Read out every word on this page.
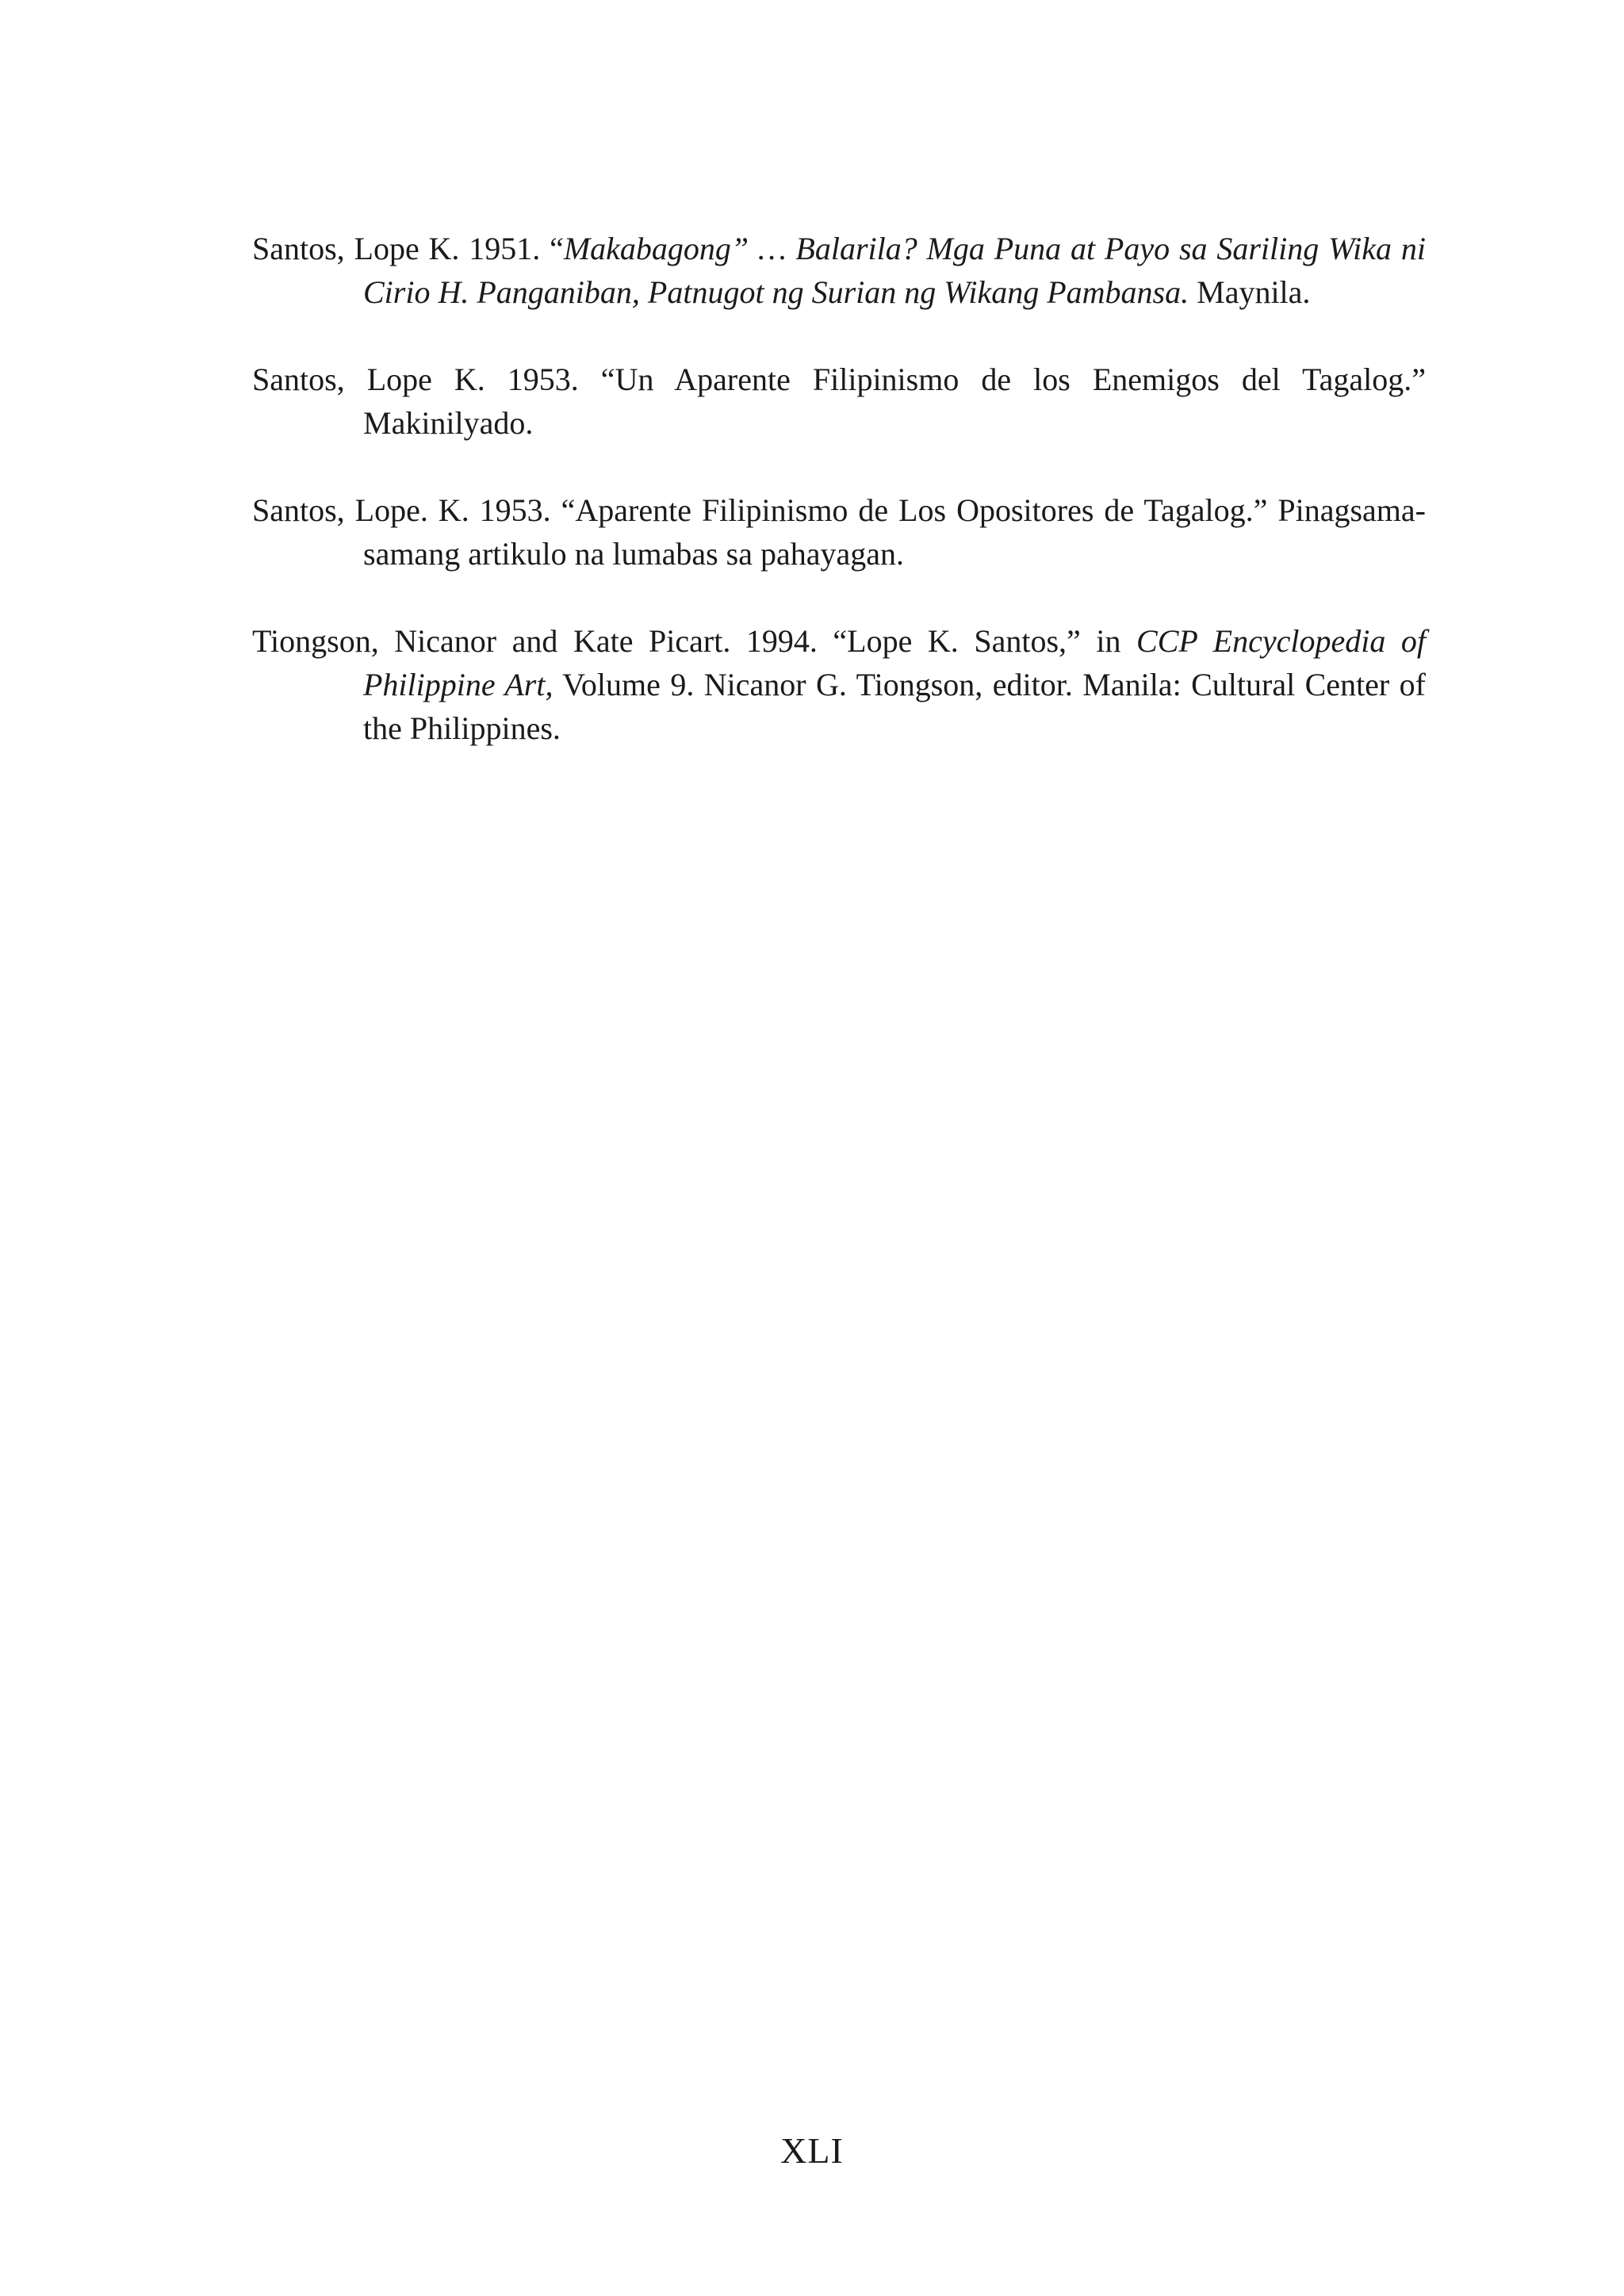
Santos, Lope K. 1951. “Makabagong” … Balarila? Mga Puna at Payo sa Sariling Wika ni Cirio H. Panganiban, Patnugot ng Surian ng Wikang Pambansa. Maynila.

Santos, Lope K. 1953. “Un Aparente Filipinismo de los Enemigos del Tagalog.” Makinilyado.

Santos, Lope. K. 1953. “Aparente Filipinismo de Los Opositores de Tagalog.” Pinagsama-samang artikulo na lumabas sa pahayagan.

Tiongson, Nicanor and Kate Picart. 1994. “Lope K. Santos,” in CCP Encyclopedia of Philippine Art, Volume 9. Nicanor G. Tiongson, editor. Manila: Cultural Center of the Philippines.

XLI
